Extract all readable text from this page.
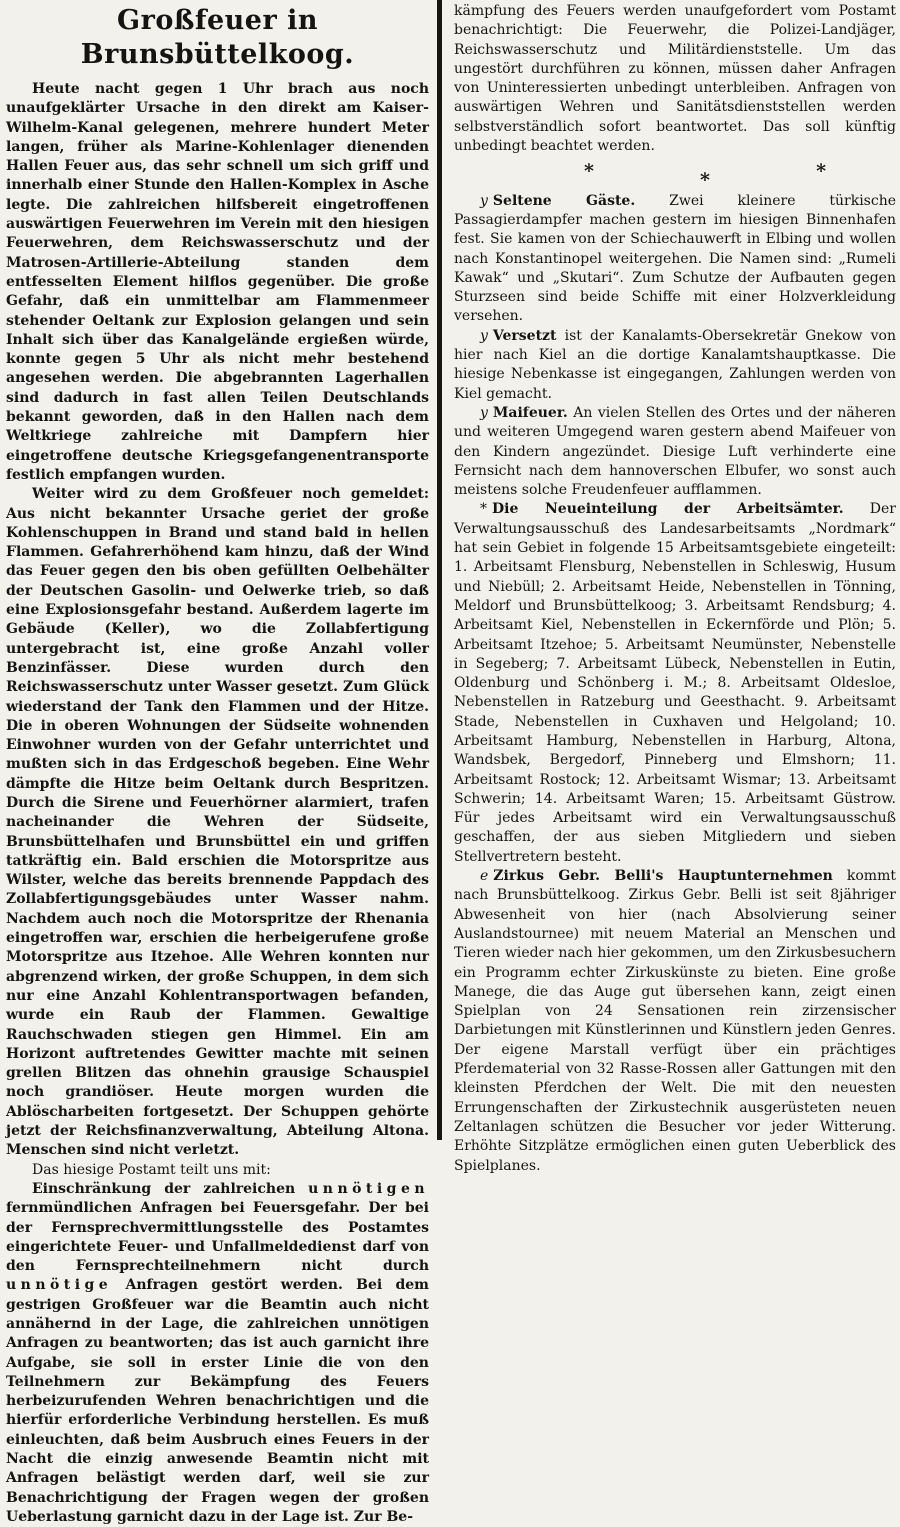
Großfeuer in Brunsbüttelkoog.

Heute nacht gegen 1 Uhr brach aus noch unaufgeklärter Ursache in den direkt am Kaiser-Wilhelm-Kanal gelegenen, mehrere hundert Meter langen, früher als Marine-Kohlenlager dienenden Hallen Feuer aus, das sehr schnell um sich griff und innerhalb einer Stunde den Hallen-Komplex in Asche legte. Die zahlreichen hilfsbereit eingetroffenen auswärtigen Feuerwehren im Verein mit den hiesigen Feuerwehren, dem Reichswasserschutz und der Matrosen-Artillerie-Abteilung standen dem entfesselten Element hilflos gegenüber. Die große Gefahr, daß ein unmittelbar am Flammenmeer stehender Oeltank zur Explosion gelangen und sein Inhalt sich über das Kanalgelände ergießen würde, konnte gegen 5 Uhr als nicht mehr bestehend angesehen werden. Die abgebrannten Lagerhallen sind dadurch in fast allen Teilen Deutschlands bekannt geworden, daß in den Hallen nach dem Weltkriege zahlreiche mit Dampfern hier eingetroffene deutsche Kriegsgefangenentransporte festlich empfangen wurden.

Weiter wird zu dem Großfeuer noch gemeldet: Aus nicht bekannter Ursache geriet der große Kohlenschuppen in Brand und stand bald in hellen Flammen. Gefahrerhöhend kam hinzu, daß der Wind das Feuer gegen den bis oben gefüllten Oelbehälter der Deutschen Gasolin- und Oelwerke trieb, so daß eine Explosionsgefahr bestand. Außerdem lagerte im Gebäude (Keller), wo die Zollabfertigung untergebracht ist, eine große Anzahl voller Benzinfässer. Diese wurden durch den Reichswasserschutz unter Wasser gesetzt. Zum Glück wiederstand der Tank den Flammen und der Hitze. Die in oberen Wohnungen der Südseite wohnenden Einwohner wurden von der Gefahr unterrichtet und mußten sich in das Erdgeschoß begeben. Eine Wehr dämpfte die Hitze beim Oeltank durch Bespritzen. Durch die Sirene und Feuerhörner alarmiert, trafen nacheinander die Wehren der Südseite, Brunsbüttelhafen und Brunsbüttel ein und griffen tatkräftig ein. Bald erschien die Motorspritze aus Wilster, welche das bereits brennende Pappdach des Zollabfertigungsgebäudes unter Wasser nahm. Nachdem auch noch die Motorspritze der Rhenania eingetroffen war, erschien die herbeigerufene große Motorspritze aus Itzehoe. Alle Wehren konnten nur abgrenzend wirken, der große Schuppen, in dem sich nur eine Anzahl Kohlentransportwagen befanden, wurde ein Raub der Flammen. Gewaltige Rauchschwaden stiegen gen Himmel. Ein am Horizont auftretendes Gewitter machte mit seinen grellen Blitzen das ohnehin grausige Schauspiel noch grandiöser. Heute morgen wurden die Ablöscharbeiten fortgesetzt. Der Schuppen gehörte jetzt der Reichsfinanzverwaltung, Abteilung Altona. Menschen sind nicht verletzt.

Das hiesige Postamt teilt uns mit:

Einschränkung der zahlreichen unnötigen fernmündlichen Anfragen bei Feuersgefahr. Der bei der Fernsprechvermittlungsstelle des Postamtes eingerichtete Feuer- und Unfallmeldedienst darf von den Fernsprechteilnehmern nicht durch unnötige Anfragen gestört werden. Bei dem gestrigen Großfeuer war die Beamtin auch nicht annähernd in der Lage, die zahlreichen unnötigen Anfragen zu beantworten; das ist auch garnicht ihre Aufgabe, sie soll in erster Linie die von den Teilnehmern zur Bekämpfung des Feuers herbeizurufenden Wehren benachrichtigen und die hierfür erforderliche Verbindung herstellen. Es muß einleuchten, daß beim Ausbruch eines Feuers in der Nacht die einzig anwesende Beamtin nicht mit Anfragen belästigt werden darf, weil sie zur Benachrichtigung der Fragen wegen der großen Ueberlastung garnicht dazu in der Lage ist. Zur Be-

kämpfung des Feuers werden unaufgefordert vom Postamt benachrichtigt: Die Feuerwehr, die Polizei-Landjäger, Reichswasserschutz und Militärdienststelle. Um das ungestört durchführen zu können, müssen daher Anfragen von Uninteressierten unbedingt unterbleiben. Anfragen von auswärtigen Wehren und Sanitätsdienststellen werden selbstverständlich sofort beantwortet. Das soll künftig unbedingt beachtet werden.

*	*	*

y Seltene Gäste. Zwei kleinere türkische Passagierdampfer machen gestern im hiesigen Binnenhafen fest. Sie kamen von der Schiechauwerft in Elbing und wollen nach Konstantinopel weitergehen. Die Namen sind: „Rumeli Kawak“ und „Skutari“. Zum Schutze der Aufbauten gegen Sturzseen sind beide Schiffe mit einer Holzverkleidung versehen.

y Versetzt ist der Kanalamts-Obersekretär Gnekow von hier nach Kiel an die dortige Kanalamtshauptkasse. Die hiesige Nebenkasse ist eingegangen, Zahlungen werden von Kiel gemacht.

y Maifeuer. An vielen Stellen des Ortes und der näheren und weiteren Umgegend waren gestern abend Maifeuer von den Kindern angezündet. Diesige Luft verhinderte eine Fernsicht nach dem hannoverschen Elbufer, wo sonst auch meistens solche Freudenfeuer aufflammen.

* Die Neueinteilung der Arbeitsämter. Der Verwaltungsausschuß des Landesarbeitsamts „Nordmark“ hat sein Gebiet in folgende 15 Arbeitsamtsgebiete eingeteilt: 1. Arbeitsamt Flensburg, Nebenstellen in Schleswig, Husum und Niebüll; 2. Arbeitsamt Heide, Nebenstellen in Tönning, Meldorf und Brunsbüttelkoog; 3. Arbeitsamt Rendsburg; 4. Arbeitsamt Kiel, Nebenstellen in Eckernförde und Plön; 5. Arbeitsamt Itzehoe; 5. Arbeitsamt Neumünster, Nebenstelle in Segeberg; 7. Arbeitsamt Lübeck, Nebenstellen in Eutin, Oldenburg und Schönberg i. M.; 8. Arbeitsamt Oldesloe, Nebenstellen in Ratzeburg und Geesthacht. 9. Arbeitsamt Stade, Nebenstellen in Cuxhaven und Helgoland; 10. Arbeitsamt Hamburg, Nebenstellen in Harburg, Altona, Wandsbek, Bergedorf, Pinneberg und Elmshorn; 11. Arbeitsamt Rostock; 12. Arbeitsamt Wismar; 13. Arbeitsamt Schwerin; 14. Arbeitsamt Waren; 15. Arbeitsamt Güstrow. Für jedes Arbeitsamt wird ein Verwaltungsausschuß geschaffen, der aus sieben Mitgliedern und sieben Stellvertretern besteht.

e Zirkus Gebr. Belli's Hauptunternehmen kommt nach Brunsbüttelkoog. Zirkus Gebr. Belli ist seit 8jähriger Abwesenheit von hier (nach Absolvierung seiner Auslandstournee) mit neuem Material an Menschen und Tieren wieder nach hier gekommen, um den Zirkusbesuchern ein Programm echter Zirkuskünste zu bieten. Eine große Manege, die das Auge gut übersehen kann, zeigt einen Spielplan von 24 Sensationen rein zirzensischer Darbietungen mit Künstlerinnen und Künstlern jeden Genres. Der eigene Marstall verfügt über ein prächtiges Pferdematerial von 32 Rasse-Rossen aller Gattungen mit den kleinsten Pferdchen der Welt. Die mit den neuesten Errungenschaften der Zirkustechnik ausgerüsteten neuen Zeltanlagen schützen die Besucher vor jeder Witterung. Erhöhte Sitzplätze ermöglichen einen guten Ueberblick des Spielplanes.
